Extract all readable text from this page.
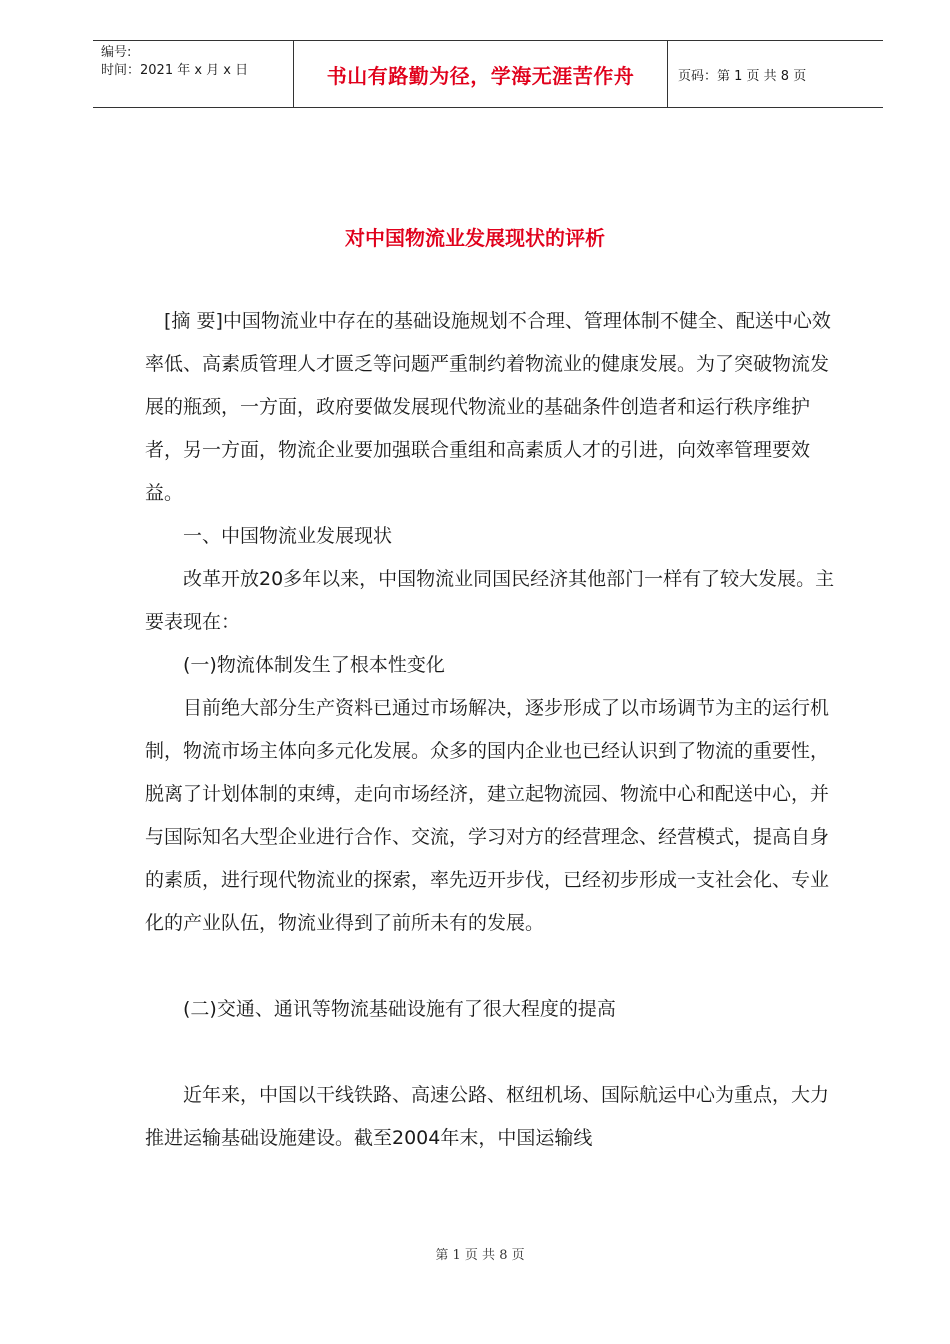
编号:
时间：2021 年 x 月 x 日	书山有路勤为径，学海无涯苦作舟	页码：第 1 页 共 8 页
对中国物流业发展现状的评析

[摘 要]中国物流业中存在的基础设施规划不合理、管理体制不健全、配送中心效率低、高素质管理人才匮乏等问题严重制约着物流业的健康发展。为了突破物流发展的瓶颈，一方面，政府要做发展现代物流业的基础条件创造者和运行秩序维护者，另一方面，物流企业要加强联合重组和高素质人才的引进，向效率管理要效益。

一、中国物流业发展现状

改革开放20多年以来，中国物流业同国民经济其他部门一样有了较大发展。主要表现在：

(一)物流体制发生了根本性变化

目前绝大部分生产资料已通过市场解决，逐步形成了以市场调节为主的运行机制，物流市场主体向多元化发展。众多的国内企业也已经认识到了物流的重要性，脱离了计划体制的束缚，走向市场经济，建立起物流园、物流中心和配送中心，并与国际知名大型企业进行合作、交流，学习对方的经营理念、经营模式，提高自身的素质，进行现代物流业的探索，率先迈开步伐，已经初步形成一支社会化、专业化的产业队伍，物流业得到了前所未有的发展。

(二)交通、通讯等物流基础设施有了很大程度的提高

近年来，中国以干线铁路、高速公路、枢纽机场、国际航运中心为重点，大力推进运输基础设施建设。截至2004年末，中国运输线

第 1 页 共 8 页
